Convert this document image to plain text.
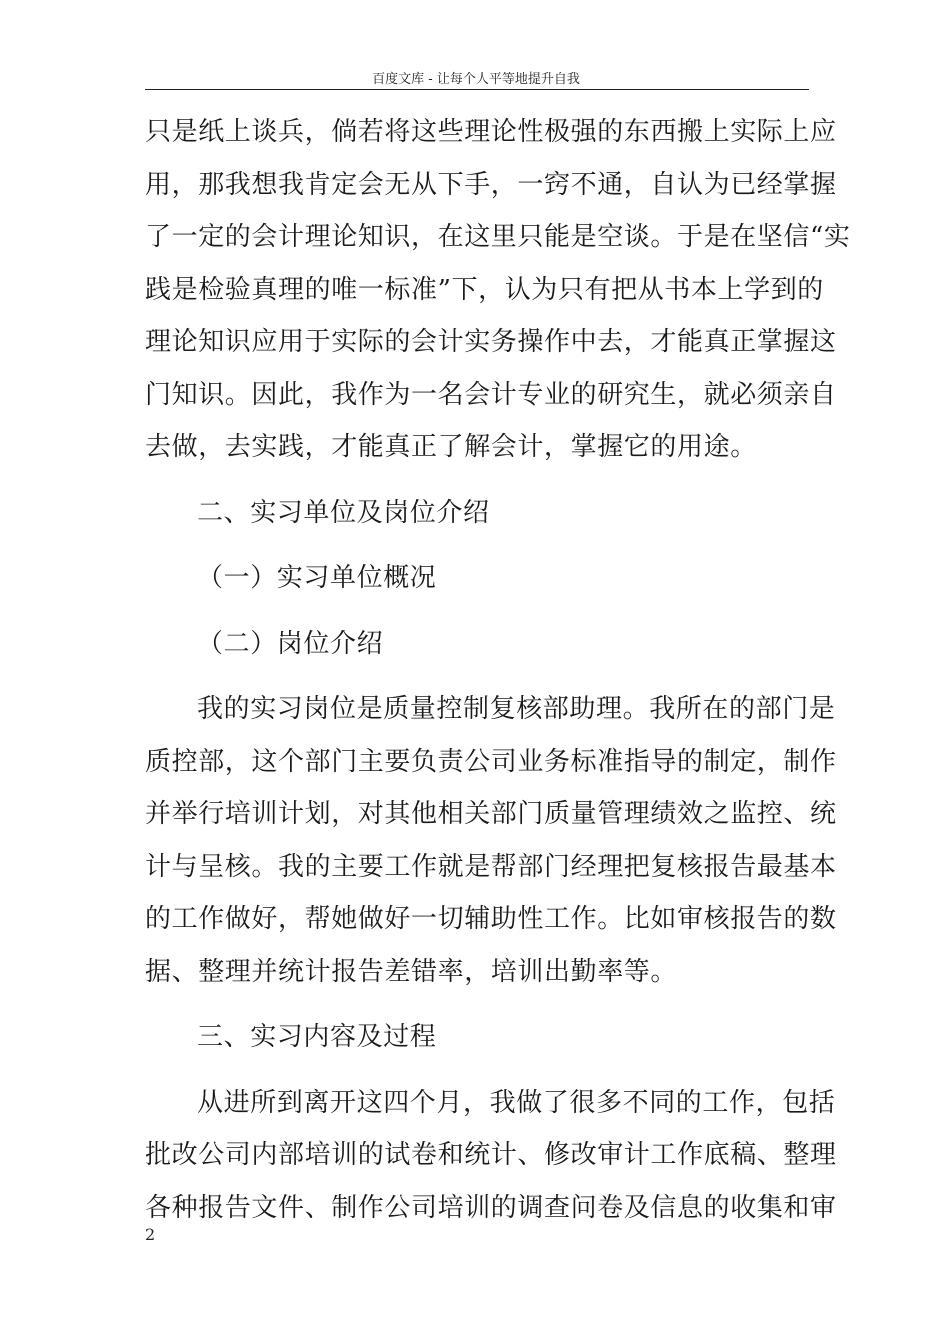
百度文库 - 让每个人平等地提升自我
只是纸上谈兵，倘若将这些理论性极强的东西搬上实际上应
用，那我想我肯定会无从下手，一窍不通，自认为已经掌握
了一定的会计理论知识，在这里只能是空谈。于是在坚信“实
践是检验真理的唯一标准”下，认为只有把从书本上学到的
理论知识应用于实际的会计实务操作中去，才能真正掌握这
门知识。因此，我作为一名会计专业的研究生，就必须亲自
去做，去实践，才能真正了解会计，掌握它的用途。
二、实习单位及岗位介绍
（一）实习单位概况
（二）岗位介绍
我的实习岗位是质量控制复核部助理。我所在的部门是
质控部，这个部门主要负责公司业务标准指导的制定，制作
并举行培训计划，对其他相关部门质量管理绩效之监控、统
计与呈核。我的主要工作就是帮部门经理把复核报告最基本
的工作做好，帮她做好一切辅助性工作。比如审核报告的数
据、整理并统计报告差错率，培训出勤率等。
三、实习内容及过程
从进所到离开这四个月，我做了很多不同的工作，包括
批改公司内部培训的试卷和统计、修改审计工作底稿、整理
各种报告文件、制作公司培训的调查问卷及信息的收集和审
2
